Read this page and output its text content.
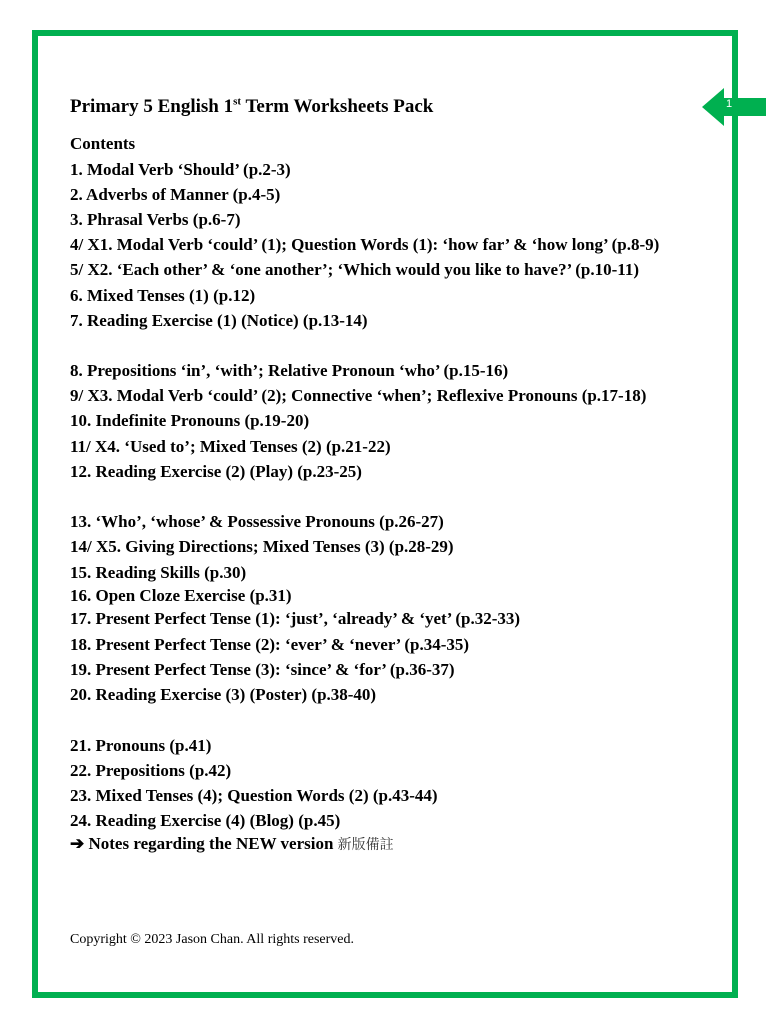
1
Primary 5 English 1st Term Worksheets Pack
Contents
1. Modal Verb ‘Should’ (p.2-3)
2. Adverbs of Manner (p.4-5)
3. Phrasal Verbs (p.6-7)
4/ X1. Modal Verb ‘could’ (1); Question Words (1): ‘how far’ & ‘how long’ (p.8-9)
5/ X2. ‘Each other’ & ‘one another’; ‘Which would you like to have?’ (p.10-11)
6. Mixed Tenses (1) (p.12)
7. Reading Exercise (1) (Notice) (p.13-14)
8. Prepositions ‘in’, ‘with’; Relative Pronoun ‘who’ (p.15-16)
9/ X3. Modal Verb ‘could’ (2); Connective ‘when’; Reflexive Pronouns (p.17-18)
10. Indefinite Pronouns (p.19-20)
11/ X4. ‘Used to’; Mixed Tenses (2) (p.21-22)
12. Reading Exercise (2) (Play) (p.23-25)
13. ‘Who’, ‘whose’ & Possessive Pronouns (p.26-27)
14/ X5. Giving Directions; Mixed Tenses (3) (p.28-29)
15. Reading Skills (p.30)
16. Open Cloze Exercise (p.31)
17. Present Perfect Tense (1): ‘just’, ‘already’ & ‘yet’ (p.32-33)
18. Present Perfect Tense (2): ‘ever’ & ‘never’ (p.34-35)
19. Present Perfect Tense (3): ‘since’ & ‘for’ (p.36-37)
20. Reading Exercise (3) (Poster) (p.38-40)
21. Pronouns (p.41)
22. Prepositions (p.42)
23. Mixed Tenses (4); Question Words (2) (p.43-44)
24. Reading Exercise (4) (Blog) (p.45)
➔ Notes regarding the NEW version 新版備註
Copyright © 2023 Jason Chan. All rights reserved.
